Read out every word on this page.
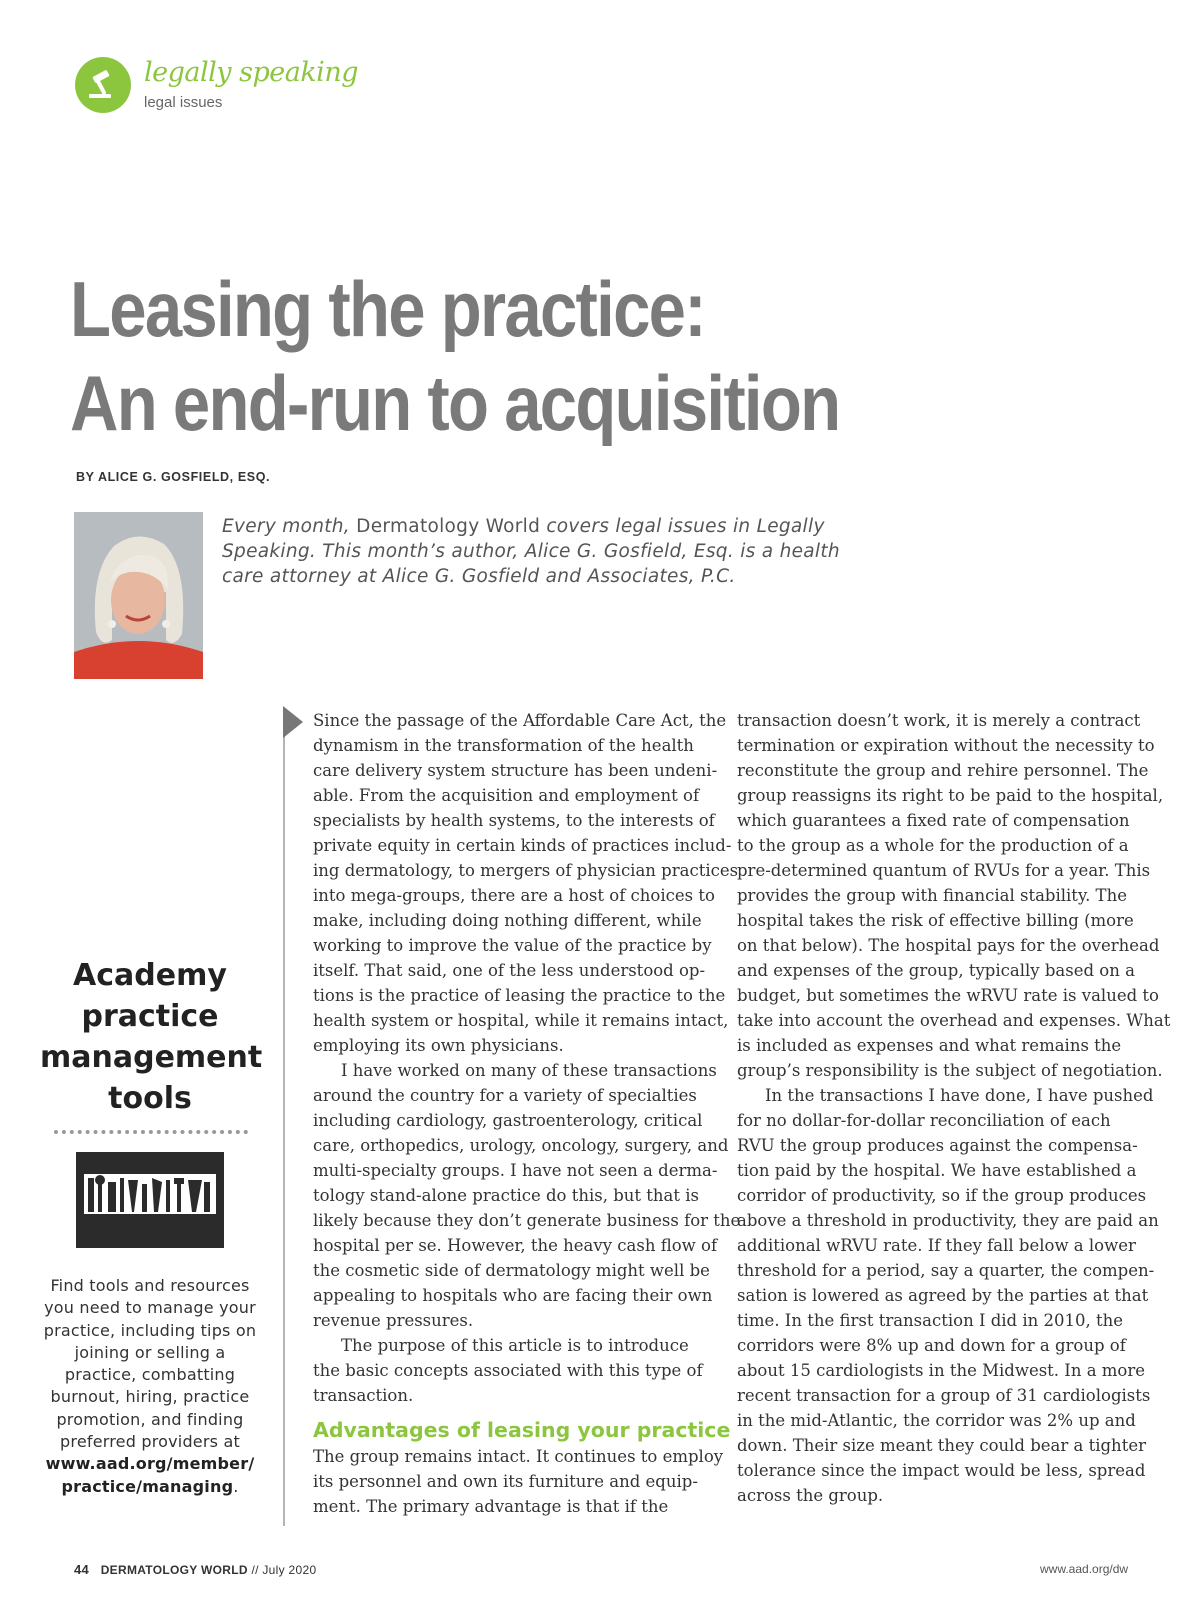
legally speaking
legal issues
Leasing the practice:
An end-run to acquisition
BY ALICE G. GOSFIELD, ESQ.
Every month, Dermatology World covers legal issues in Legally Speaking. This month’s author, Alice G. Gosfield, Esq. is a health care attorney at Alice G. Gosfield and Associates, P.C.
Academy
practice
management
tools
Find tools and resources you need to manage your practice, including tips on joining or selling a practice, combatting burnout, hiring, practice promotion, and finding preferred providers at www.aad.org/member/ practice/managing.
Since the passage of the Affordable Care Act, the
dynamism in the transformation of the health
care delivery system structure has been undeni-
able. From the acquisition and employment of
specialists by health systems, to the interests of
private equity in certain kinds of practices includ-
ing dermatology, to mergers of physician practices
into mega-groups, there are a host of choices to
make, including doing nothing different, while
working to improve the value of the practice by
itself. That said, one of the less understood op-
tions is the practice of leasing the practice to the
health system or hospital, while it remains intact,
employing its own physicians.
I have worked on many of these transactions
around the country for a variety of specialties
including cardiology, gastroenterology, critical
care, orthopedics, urology, oncology, surgery, and
multi-specialty groups. I have not seen a derma-
tology stand-alone practice do this, but that is
likely because they don’t generate business for the
hospital per se. However, the heavy cash flow of
the cosmetic side of dermatology might well be
appealing to hospitals who are facing their own
revenue pressures.
The purpose of this article is to introduce
the basic concepts associated with this type of
transaction.
Advantages of leasing your practice
The group remains intact. It continues to employ
its personnel and own its furniture and equip-
ment. The primary advantage is that if the
transaction doesn’t work, it is merely a contract
termination or expiration without the necessity to
reconstitute the group and rehire personnel. The
group reassigns its right to be paid to the hospital,
which guarantees a fixed rate of compensation
to the group as a whole for the production of a
pre-determined quantum of RVUs for a year. This
provides the group with financial stability. The
hospital takes the risk of effective billing (more
on that below). The hospital pays for the overhead
and expenses of the group, typically based on a
budget, but sometimes the wRVU rate is valued to
take into account the overhead and expenses. What
is included as expenses and what remains the
group’s responsibility is the subject of negotiation.
In the transactions I have done, I have pushed
for no dollar-for-dollar reconciliation of each
RVU the group produces against the compensa-
tion paid by the hospital. We have established a
corridor of productivity, so if the group produces
above a threshold in productivity, they are paid an
additional wRVU rate. If they fall below a lower
threshold for a period, say a quarter, the compen-
sation is lowered as agreed by the parties at that
time. In the first transaction I did in 2010, the
corridors were 8% up and down for a group of
about 15 cardiologists in the Midwest. In a more
recent transaction for a group of 31 cardiologists
in the mid-Atlantic, the corridor was 2% up and
down. Their size meant they could bear a tighter
tolerance since the impact would be less, spread
across the group.
44 DERMATOLOGY WORLD // July 2020	www.aad.org/dw
